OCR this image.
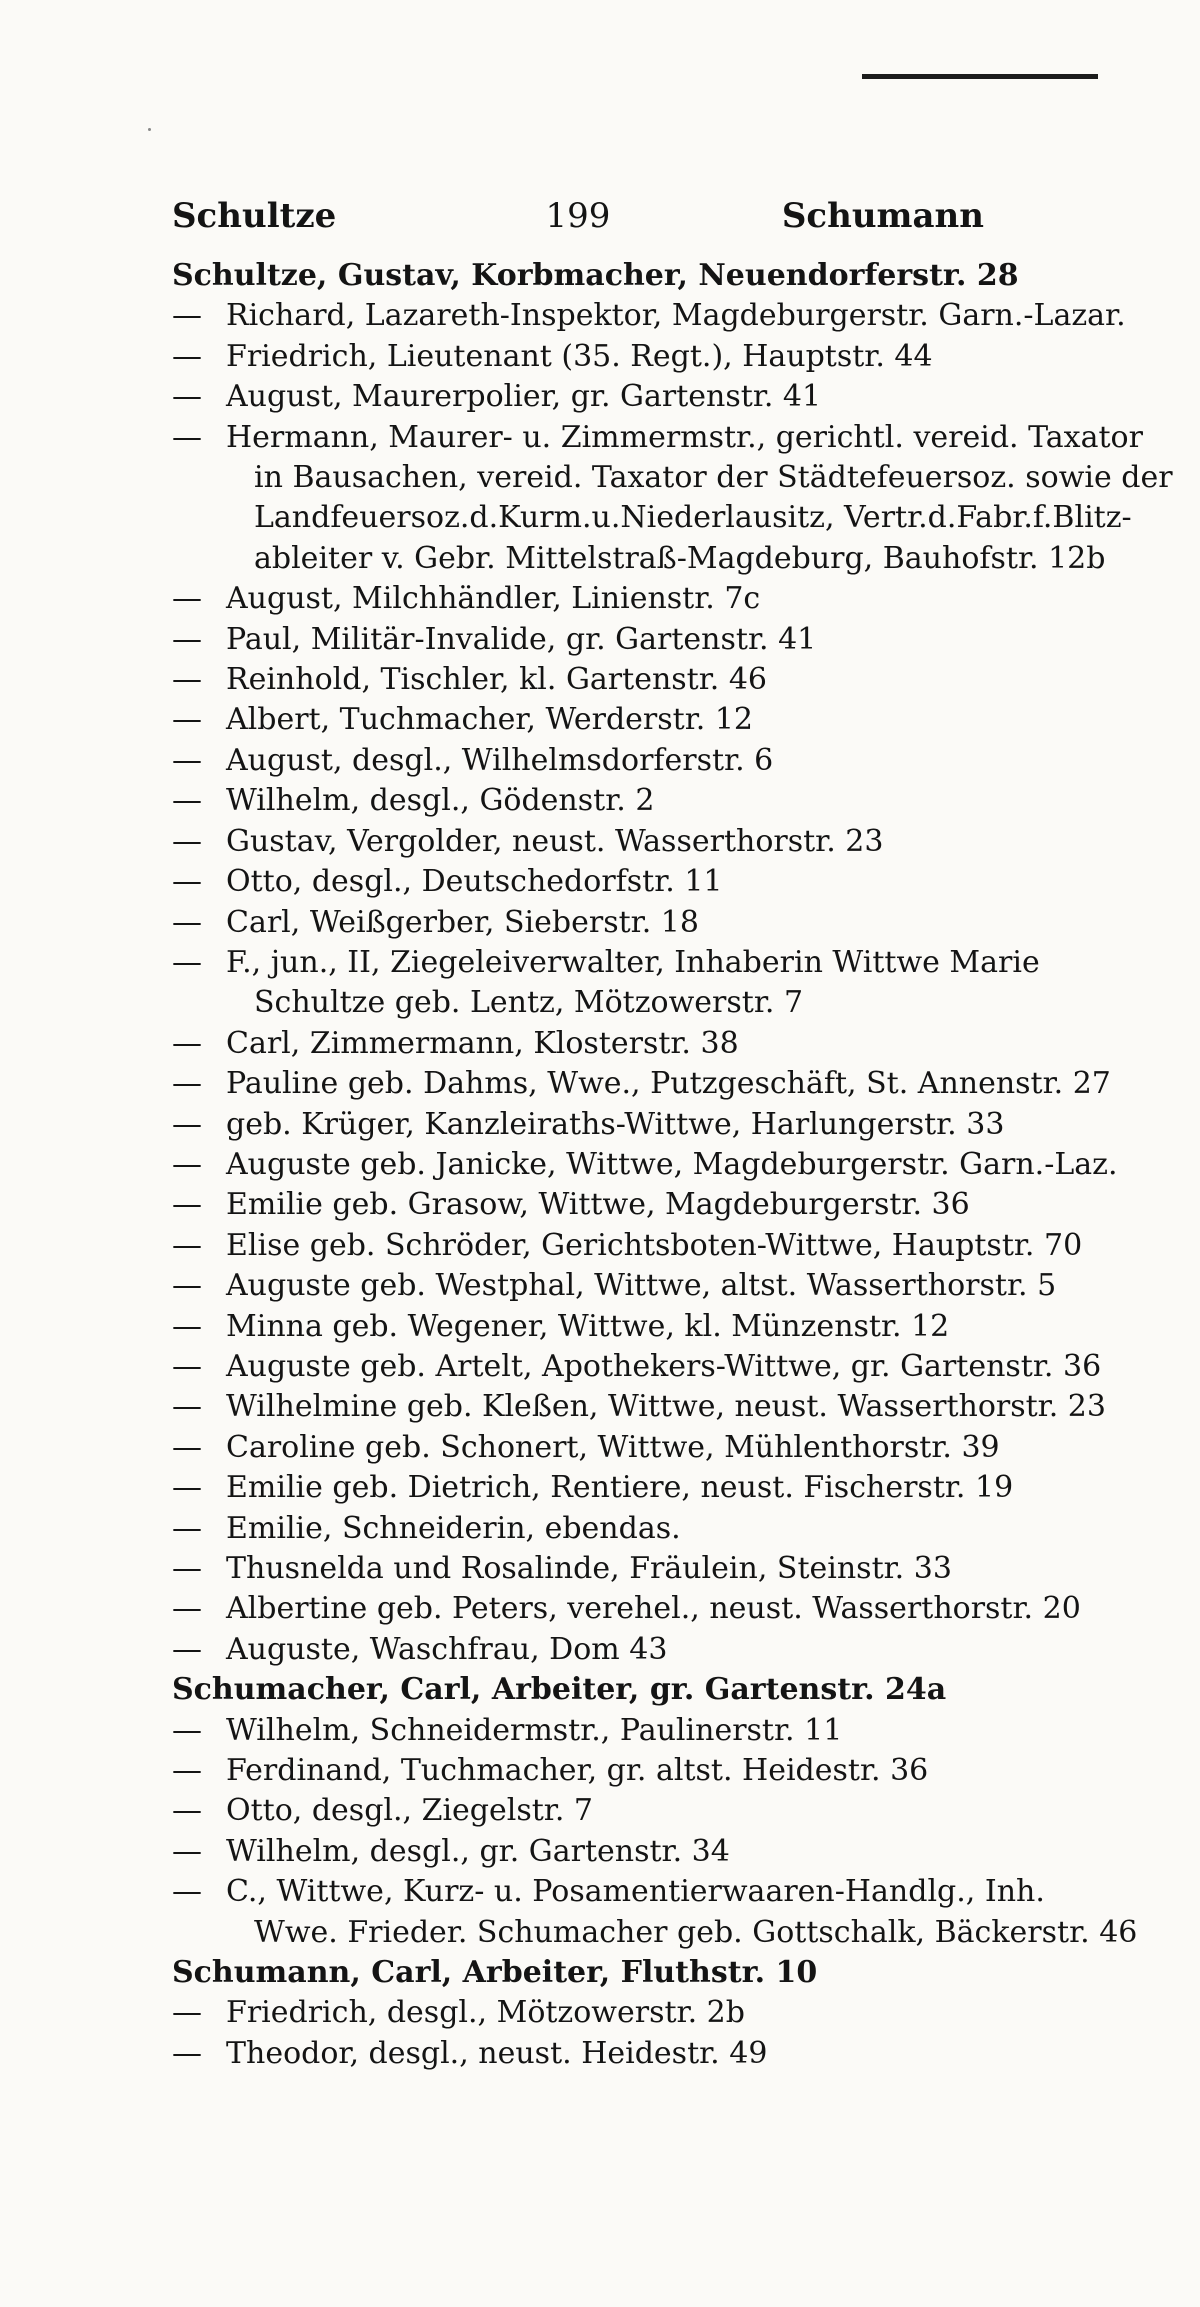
Schultze	199	Schumann
Schultze, Gustav, Korbmacher, Neuendorferstr. 28
— Richard, Lazareth-Inspektor, Magdeburgerstr. Garn.-Lazar.
— Friedrich, Lieutenant (35. Regt.), Hauptstr. 44
— August, Maurerpolier, gr. Gartenstr. 41
— Hermann, Maurer- u. Zimmermstr., gerichtl. vereid. Taxator
in Bausachen, vereid. Taxator der Städtefeuersoz. sowie der
Landfeuersoz.d.Kurm.u.Niederlausitz, Vertr.d.Fabr.f.Blitz-
ableiter v. Gebr. Mittelstraß-Magdeburg, Bauhofstr. 12b
— August, Milchhändler, Linienstr. 7c
— Paul, Militär-Invalide, gr. Gartenstr. 41
— Reinhold, Tischler, kl. Gartenstr. 46
— Albert, Tuchmacher, Werderstr. 12
— August, desgl., Wilhelmsdorferstr. 6
— Wilhelm, desgl., Gödenstr. 2
— Gustav, Vergolder, neust. Wasserthorstr. 23
— Otto, desgl., Deutschedorfstr. 11
— Carl, Weißgerber, Sieberstr. 18
— F., jun., II, Ziegeleiverwalter, Inhaberin Wittwe Marie
Schultze geb. Lentz, Mötzowerstr. 7
— Carl, Zimmermann, Klosterstr. 38
— Pauline geb. Dahms, Wwe., Putzgeschäft, St. Annenstr. 27
— geb. Krüger, Kanzleiraths-Wittwe, Harlungerstr. 33
— Auguste geb. Janicke, Wittwe, Magdeburgerstr. Garn.-Laz.
— Emilie geb. Grasow, Wittwe, Magdeburgerstr. 36
— Elise geb. Schröder, Gerichtsboten-Wittwe, Hauptstr. 70
— Auguste geb. Westphal, Wittwe, altst. Wasserthorstr. 5
— Minna geb. Wegener, Wittwe, kl. Münzenstr. 12
— Auguste geb. Artelt, Apothekers-Wittwe, gr. Gartenstr. 36
— Wilhelmine geb. Kleßen, Wittwe, neust. Wasserthorstr. 23
— Caroline geb. Schonert, Wittwe, Mühlenthorstr. 39
— Emilie geb. Dietrich, Rentiere, neust. Fischerstr. 19
— Emilie, Schneiderin, ebendas.
— Thusnelda und Rosalinde, Fräulein, Steinstr. 33
— Albertine geb. Peters, verehel., neust. Wasserthorstr. 20
— Auguste, Waschfrau, Dom 43
Schumacher, Carl, Arbeiter, gr. Gartenstr. 24a
— Wilhelm, Schneidermstr., Paulinerstr. 11
— Ferdinand, Tuchmacher, gr. altst. Heidestr. 36
— Otto, desgl., Ziegelstr. 7
— Wilhelm, desgl., gr. Gartenstr. 34
— C., Wittwe, Kurz- u. Posamentierwaaren-Handlg., Inh.
Wwe. Frieder. Schumacher geb. Gottschalk, Bäckerstr. 46
Schumann, Carl, Arbeiter, Fluthstr. 10
— Friedrich, desgl., Mötzowerstr. 2b
— Theodor, desgl., neust. Heidestr. 49
